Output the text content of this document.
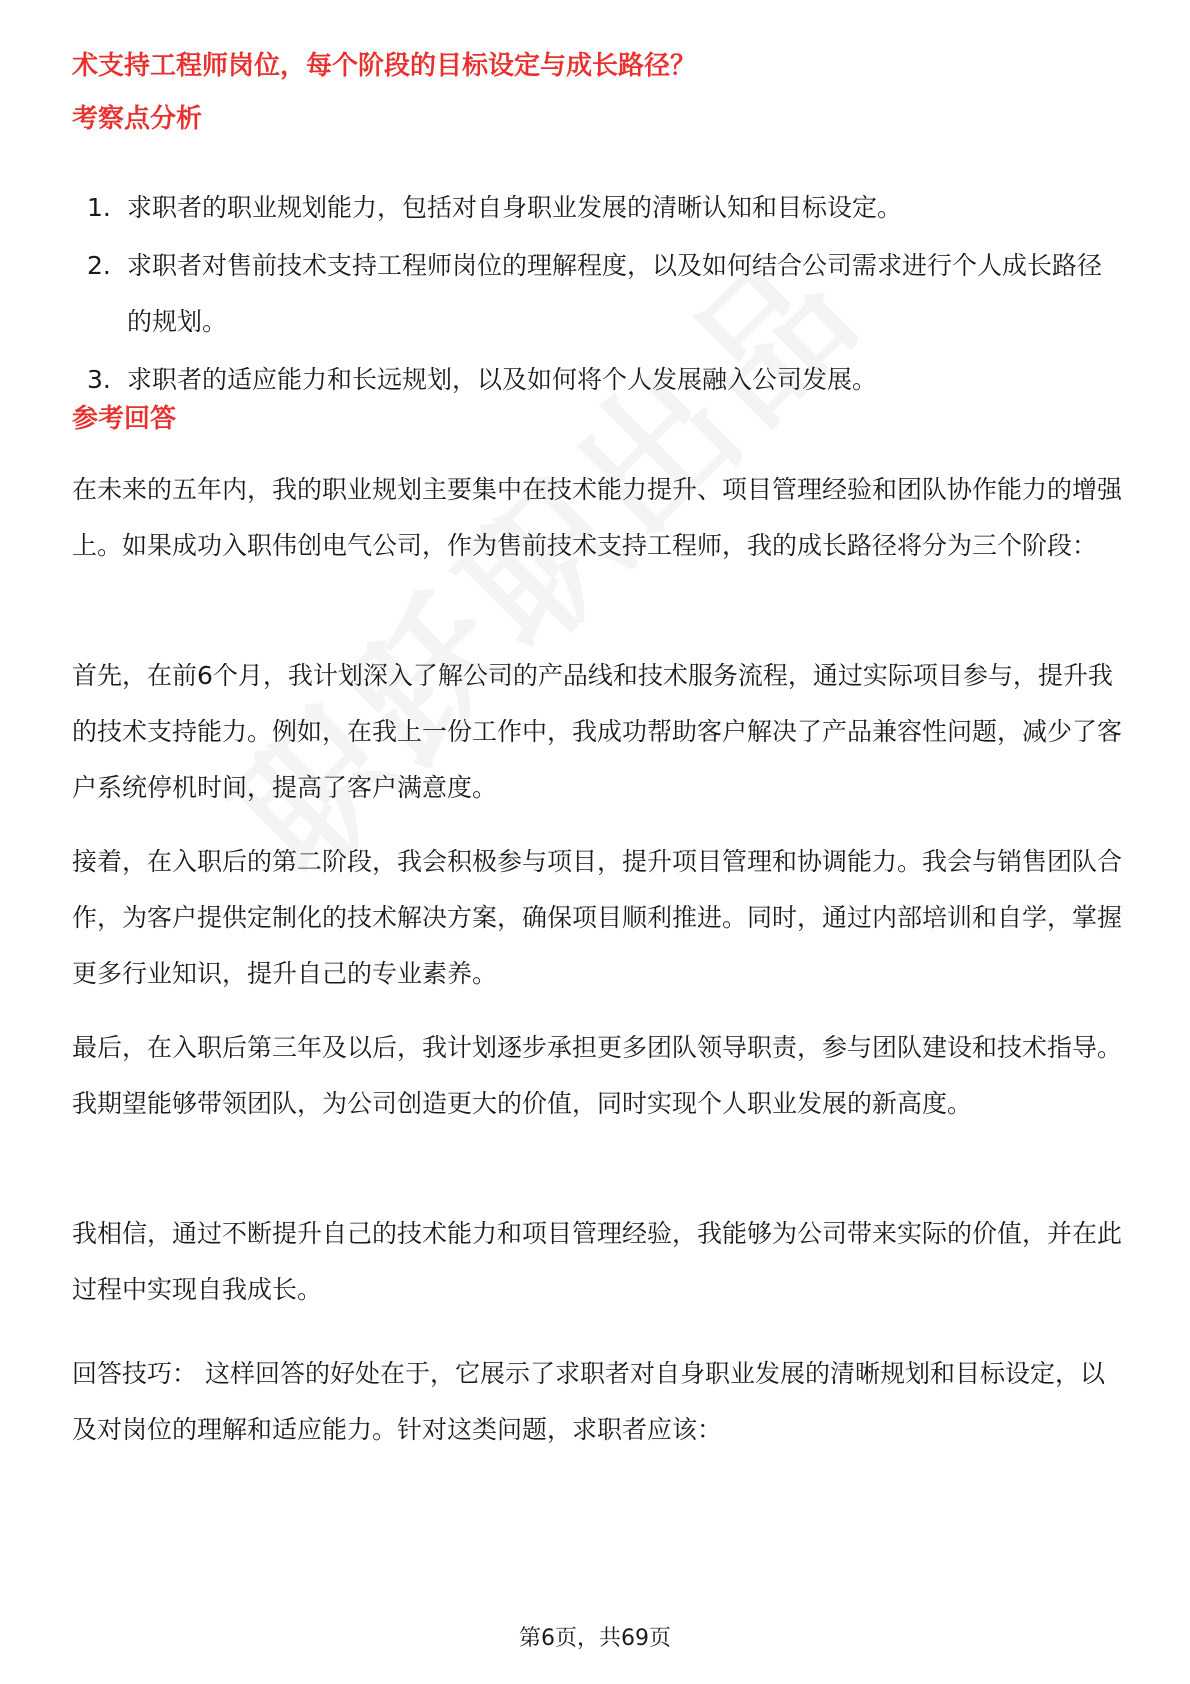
术支持工程师岗位，每个阶段的目标设定与成长路径？
考察点分析
1. 求职者的职业规划能力，包括对自身职业发展的清晰认知和目标设定。
2. 求职者对售前技术支持工程师岗位的理解程度，以及如何结合公司需求进行个人成长路径的规划。
3. 求职者的适应能力和长远规划，以及如何将个人发展融入公司发展。
参考回答

在未来的五年内，我的职业规划主要集中在技术能力提升、项目管理经验和团队协作能力的增强上。如果成功入职伟创电气公司，作为售前技术支持工程师，我的成长路径将分为三个阶段：

首先，在前6个月，我计划深入了解公司的产品线和技术服务流程，通过实际项目参与，提升我的技术支持能力。例如，在我上一份工作中，我成功帮助客户解决了产品兼容性问题，减少了客户系统停机时间，提高了客户满意度。

接着，在入职后的第二阶段，我会积极参与项目，提升项目管理和协调能力。我会与销售团队合作，为客户提供定制化的技术解决方案，确保项目顺利推进。同时，通过内部培训和自学，掌握更多行业知识，提升自己的专业素养。

最后，在入职后第三年及以后，我计划逐步承担更多团队领导职责，参与团队建设和技术指导。我期望能够带领团队，为公司创造更大的价值，同时实现个人职业发展的新高度。

我相信，通过不断提升自己的技术能力和项目管理经验，我能够为公司带来实际的价值，并在此过程中实现自我成长。

回答技巧： 这样回答的好处在于，它展示了求职者对自身职业发展的清晰规划和目标设定，以及对岗位的理解和适应能力。针对这类问题，求职者应该：

第6页，共69页
